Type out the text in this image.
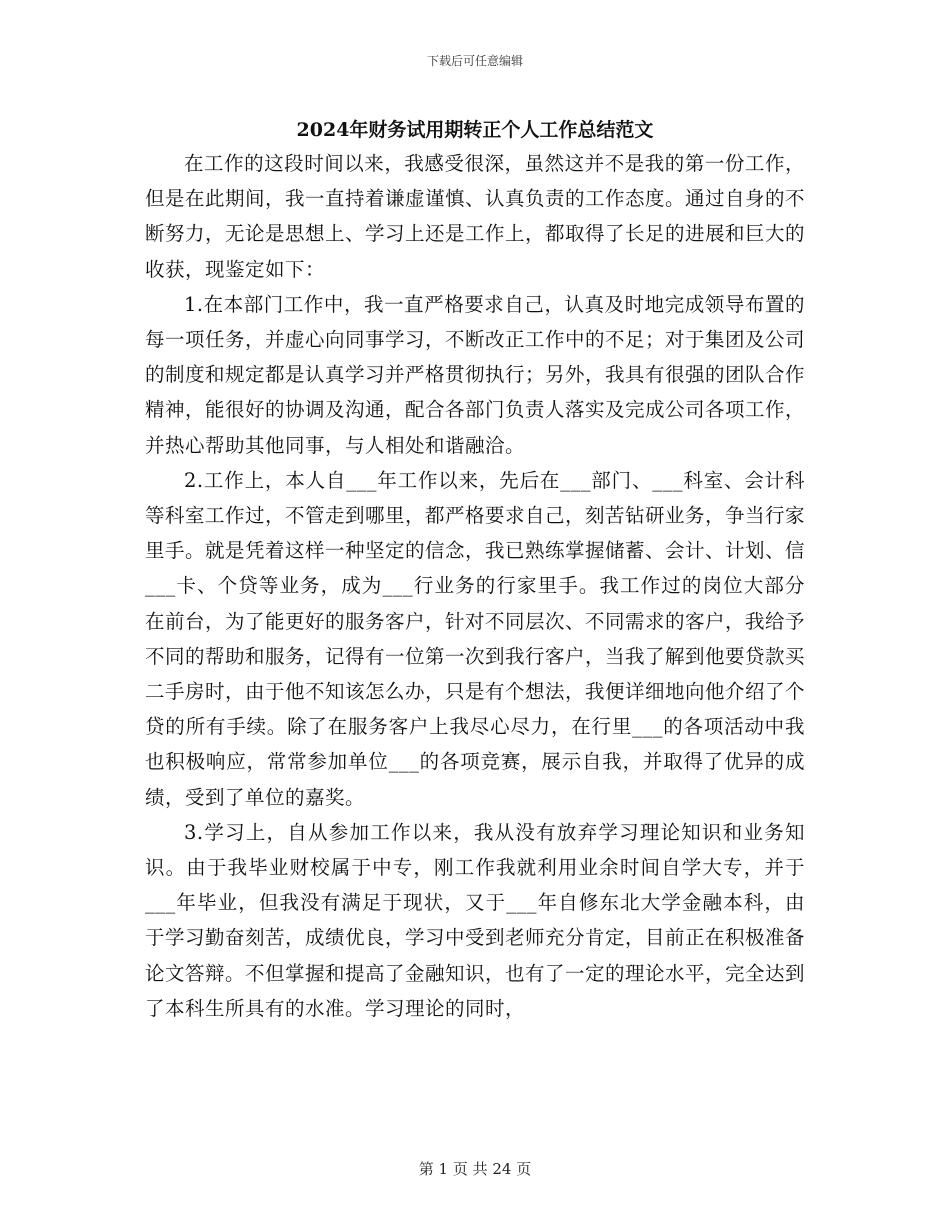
下载后可任意编辑
2024年财务试用期转正个人工作总结范文

在工作的这段时间以来，我感受很深，虽然这并不是我的第一份工作，但是在此期间，我一直持着谦虚谨慎、认真负责的工作态度。通过自身的不断努力，无论是思想上、学习上还是工作上，都取得了长足的进展和巨大的收获，现鉴定如下：

1.在本部门工作中，我一直严格要求自己，认真及时地完成领导布置的每一项任务，并虚心向同事学习，不断改正工作中的不足；对于集团及公司的制度和规定都是认真学习并严格贯彻执行；另外，我具有很强的团队合作精神，能很好的协调及沟通，配合各部门负责人落实及完成公司各项工作，并热心帮助其他同事，与人相处和谐融洽。

2.工作上，本人自___年工作以来，先后在___部门、___科室、会计科等科室工作过，不管走到哪里，都严格要求自己，刻苦钻研业务，争当行家里手。就是凭着这样一种坚定的信念，我已熟练掌握储蓄、会计、计划、信___卡、个贷等业务，成为___行业务的行家里手。我工作过的岗位大部分在前台，为了能更好的服务客户，针对不同层次、不同需求的客户，我给予不同的帮助和服务，记得有一位第一次到我行客户，当我了解到他要贷款买二手房时，由于他不知该怎么办，只是有个想法，我便详细地向他介绍了个贷的所有手续。除了在服务客户上我尽心尽力，在行里___的各项活动中我也积极响应，常常参加单位___的各项竞赛，展示自我，并取得了优异的成绩，受到了单位的嘉奖。

3.学习上，自从参加工作以来，我从没有放弃学习理论知识和业务知识。由于我毕业财校属于中专，刚工作我就利用业余时间自学大专，并于___年毕业，但我没有满足于现状，又于___年自修东北大学金融本科，由于学习勤奋刻苦，成绩优良，学习中受到老师充分肯定，目前正在积极准备论文答辩。不但掌握和提高了金融知识，也有了一定的理论水平，完全达到了本科生所具有的水准。学习理论的同时，

第 1 页 共 24 页
